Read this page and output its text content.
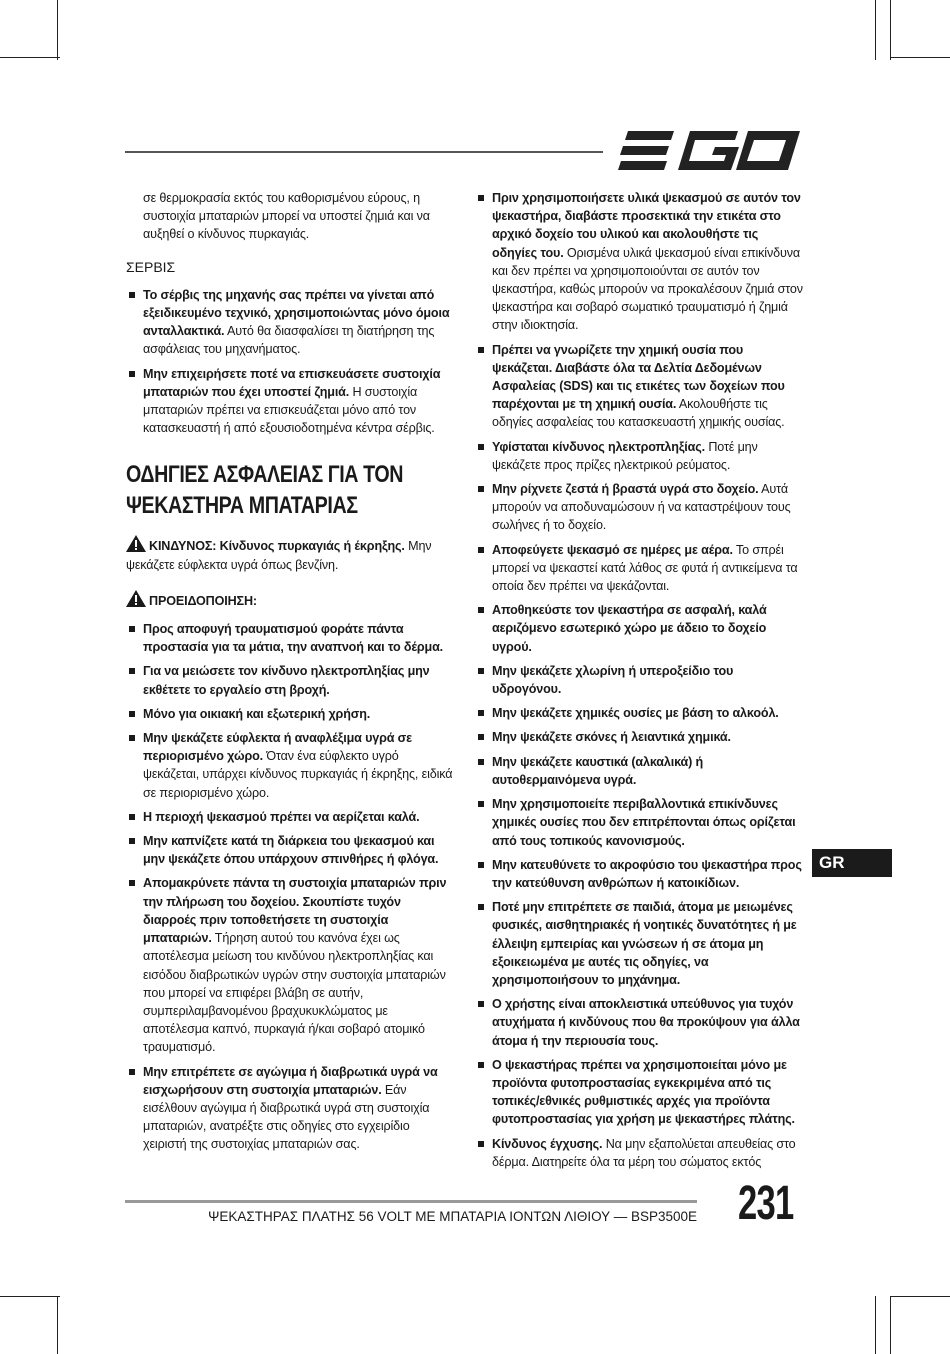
σε θερμοκρασία εκτός του καθορισμένου εύρους, η συστοιχία μπαταριών μπορεί να υποστεί ζημιά και να αυξηθεί ο κίνδυνος πυρκαγιάς.

ΣΕΡΒΙΣ
Το σέρβις της μηχανής σας πρέπει να γίνεται από εξειδικευμένο τεχνικό, χρησιμοποιώντας μόνο όμοια ανταλλακτικά. Αυτό θα διασφαλίσει τη διατήρηση της ασφάλειας του μηχανήματος.
Μην επιχειρήσετε ποτέ να επισκευάσετε συστοιχία μπαταριών που έχει υποστεί ζημιά. Η συστοιχία μπαταριών πρέπει να επισκευάζεται μόνο από τον κατασκευαστή ή από εξουσιοδοτημένα κέντρα σέρβις.
ΟΔΗΓΙΕΣ ΑΣΦΑΛΕΙΑΣ ΓΙΑ ΤΟΝ ΨΕΚΑΣΤΗΡΑ ΜΠΑΤΑΡΙΑΣ
ΚΙΝΔΥΝΟΣ: Κίνδυνος πυρκαγιάς ή έκρηξης. Μην ψεκάζετε εύφλεκτα υγρά όπως βενζίνη.
ΠΡΟΕΙΔΟΠΟΙΗΣΗ:
Προς αποφυγή τραυματισμού φοράτε πάντα προστασία για τα μάτια, την αναπνοή και το δέρμα.
Για να μειώσετε τον κίνδυνο ηλεκτροπληξίας μην εκθέτετε το εργαλείο στη βροχή.
Μόνο για οικιακή και εξωτερική χρήση.
Μην ψεκάζετε εύφλεκτα ή αναφλέξιμα υγρά σε περιορισμένο χώρο. Όταν ένα εύφλεκτο υγρό ψεκάζεται, υπάρχει κίνδυνος πυρκαγιάς ή έκρηξης, ειδικά σε περιορισμένο χώρο.
Η περιοχή ψεκασμού πρέπει να αερίζεται καλά.
Μην καπνίζετε κατά τη διάρκεια του ψεκασμού και μην ψεκάζετε όπου υπάρχουν σπινθήρες ή φλόγα.
Απομακρύνετε πάντα τη συστοιχία μπαταριών πριν την πλήρωση του δοχείου. Σκουπίστε τυχόν διαρροές πριν τοποθετήσετε τη συστοιχία μπαταριών. Τήρηση αυτού του κανόνα έχει ως αποτέλεσμα μείωση του κινδύνου ηλεκτροπληξίας και εισόδου διαβρωτικών υγρών στην συστοιχία μπαταριών που μπορεί να επιφέρει βλάβη σε αυτήν, συμπεριλαμβανομένου βραχυκυκλώματος με αποτέλεσμα καπνό, πυρκαγιά ή/και σοβαρό ατομικό τραυματισμό.
Μην επιτρέπετε σε αγώγιμα ή διαβρωτικά υγρά να εισχωρήσουν στη συστοιχία μπαταριών. Εάν εισέλθουν αγώγιμα ή διαβρωτικά υγρά στη συστοιχία μπαταριών, ανατρέξτε στις οδηγίες στο εγχειρίδιο χειριστή της συστοιχίας μπαταριών σας.
Πριν χρησιμοποιήσετε υλικά ψεκασμού σε αυτόν τον ψεκαστήρα, διαβάστε προσεκτικά την ετικέτα στο αρχικό δοχείο του υλικού και ακολουθήστε τις οδηγίες του. Ορισμένα υλικά ψεκασμού είναι επικίνδυνα και δεν πρέπει να χρησιμοποιούνται σε αυτόν τον ψεκαστήρα, καθώς μπορούν να προκαλέσουν ζημιά στον ψεκαστήρα και σοβαρό σωματικό τραυματισμό ή ζημιά στην ιδιοκτησία.
Πρέπει να γνωρίζετε την χημική ουσία που ψεκάζεται. Διαβάστε όλα τα Δελτία Δεδομένων Ασφαλείας (SDS) και τις ετικέτες των δοχείων που παρέχονται με τη χημική ουσία. Ακολουθήστε τις οδηγίες ασφαλείας του κατασκευαστή χημικής ουσίας.
Υφίσταται κίνδυνος ηλεκτροπληξίας. Ποτέ μην ψεκάζετε προς πρίζες ηλεκτρικού ρεύματος.
Μην ρίχνετε ζεστά ή βραστά υγρά στο δοχείο. Αυτά μπορούν να αποδυναμώσουν ή να καταστρέψουν τους σωλήνες ή το δοχείο.
Αποφεύγετε ψεκασμό σε ημέρες με αέρα. Το σπρέι μπορεί να ψεκαστεί κατά λάθος σε φυτά ή αντικείμενα τα οποία δεν πρέπει να ψεκάζονται.
Αποθηκεύστε τον ψεκαστήρα σε ασφαλή, καλά αεριζόμενο εσωτερικό χώρο με άδειο το δοχείο υγρού.
Μην ψεκάζετε χλωρίνη ή υπεροξείδιο του υδρογόνου.
Μην ψεκάζετε χημικές ουσίες με βάση το αλκοόλ.
Μην ψεκάζετε σκόνες ή λειαντικά χημικά.
Μην ψεκάζετε καυστικά (αλκαλικά) ή αυτοθερμαινόμενα υγρά.
Μην χρησιμοποιείτε περιβαλλοντικά επικίνδυνες χημικές ουσίες που δεν επιτρέπονται όπως ορίζεται από τους τοπικούς κανονισμούς.
Μην κατευθύνετε το ακροφύσιο του ψεκαστήρα προς την κατεύθυνση ανθρώπων ή κατοικίδιων.
Ποτέ μην επιτρέπετε σε παιδιά, άτομα με μειωμένες φυσικές, αισθητηριακές ή νοητικές δυνατότητες ή με έλλειψη εμπειρίας και γνώσεων ή σε άτομα μη εξοικειωμένα με αυτές τις οδηγίες, να χρησιμοποιήσουν το μηχάνημα.
Ο χρήστης είναι αποκλειστικά υπεύθυνος για τυχόν ατυχήματα ή κινδύνους που θα προκύψουν για άλλα άτομα ή την περιουσία τους.
Ο ψεκαστήρας πρέπει να χρησιμοποιείται μόνο με προϊόντα φυτοπροστασίας εγκεκριμένα από τις τοπικές/εθνικές ρυθμιστικές αρχές για προϊόντα φυτοπροστασίας για χρήση με ψεκαστήρες πλάτης.
Κίνδυνος έγχυσης. Να μην εξαπολύεται απευθείας στο δέρμα. Διατηρείτε όλα τα μέρη του σώματος εκτός
GR
ΨΕΚΑΣΤΗΡΑΣ ΠΛΑΤΗΣ 56 VOLT ΜΕ ΜΠΑΤΑΡΙΑ ΙΟΝΤΩΝ ΛΙΘΙΟΥ — BSP3500E 231
